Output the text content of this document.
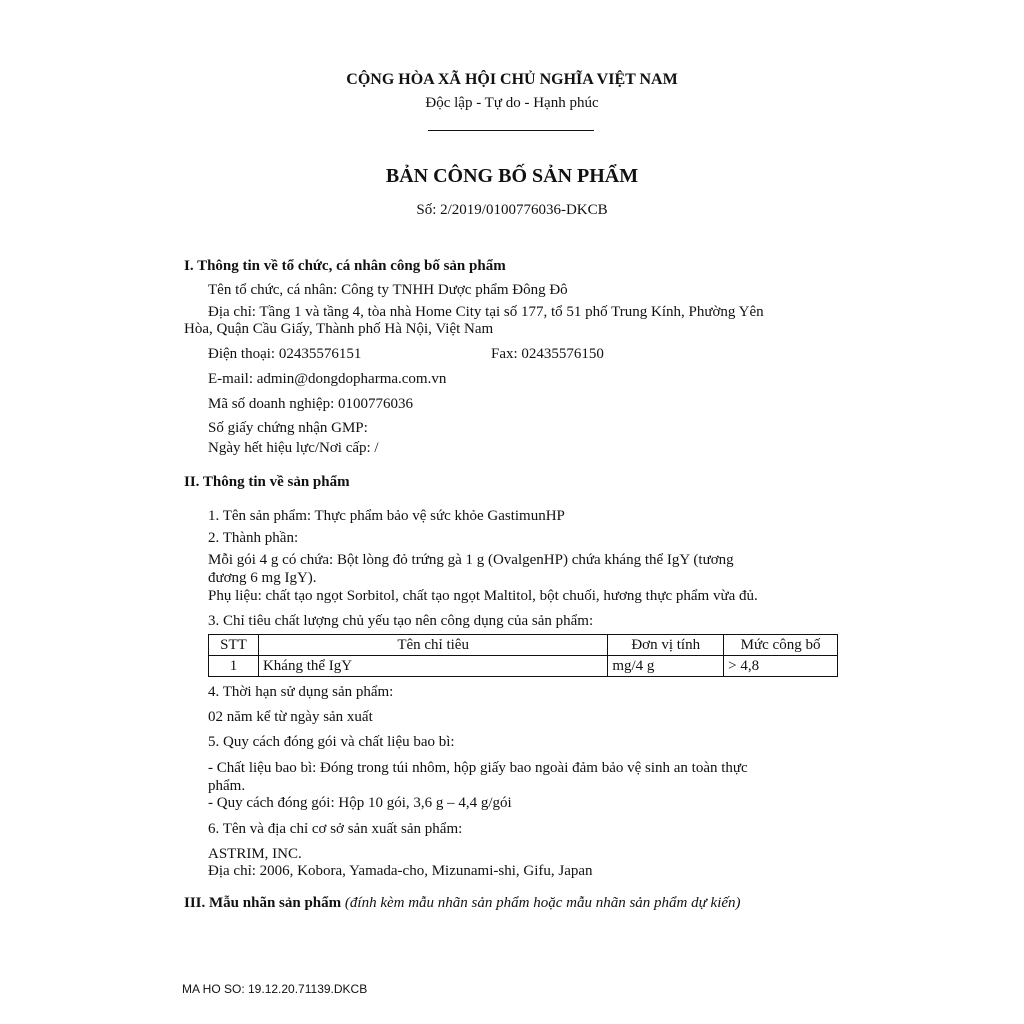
CỘNG HÒA XÃ HỘI CHỦ NGHĨA VIỆT NAM
Độc lập - Tự do - Hạnh phúc
BẢN CÔNG BỐ SẢN PHẨM
Số: 2/2019/0100776036-DKCB
I. Thông tin về tổ chức, cá nhân công bố sản phẩm
Tên tổ chức, cá nhân: Công ty TNHH Dược phẩm Đông Đô
Địa chỉ: Tầng 1 và tầng 4, tòa nhà Home City tại số 177, tổ 51 phố Trung Kính, Phường Yên
Hòa, Quận Cầu Giấy, Thành phố Hà Nội, Việt Nam
Điện thoại: 02435576151	Fax: 02435576150
E-mail: admin@dongdopharma.com.vn
Mã số doanh nghiệp: 0100776036
Số giấy chứng nhận GMP:
Ngày hết hiệu lực/Nơi cấp: /
II. Thông tin về sản phẩm
1. Tên sản phẩm: Thực phẩm bảo vệ sức khỏe GastimunHP
2. Thành phần:
Mỗi gói 4 g có chứa: Bột lòng đỏ trứng gà 1 g (OvalgenHP) chứa kháng thể IgY (tương
đương 6 mg IgY).
Phụ liệu: chất tạo ngọt Sorbitol, chất tạo ngọt Maltitol, bột chuối, hương thực phẩm vừa đủ.
3. Chỉ tiêu chất lượng chủ yếu tạo nên công dụng của sản phẩm:
STT	Tên chỉ tiêu	Đơn vị tính	Mức công bố
1	Kháng thể IgY	mg/4 g	> 4,8
4. Thời hạn sử dụng sản phẩm:
02 năm kể từ ngày sản xuất
5. Quy cách đóng gói và chất liệu bao bì:
- Chất liệu bao bì: Đóng trong túi nhôm, hộp giấy bao ngoài đảm bảo vệ sinh an toàn thực
phẩm.
- Quy cách đóng gói: Hộp 10 gói, 3,6 g – 4,4 g/gói
6. Tên và địa chỉ cơ sở sản xuất sản phẩm:
ASTRIM, INC.
Địa chỉ: 2006, Kobora, Yamada-cho, Mizunami-shi, Gifu, Japan
III. Mẫu nhãn sản phẩm (đính kèm mẫu nhãn sản phẩm hoặc mẫu nhãn sản phẩm dự kiến)
MA HO SO: 19.12.20.71139.DKCB
